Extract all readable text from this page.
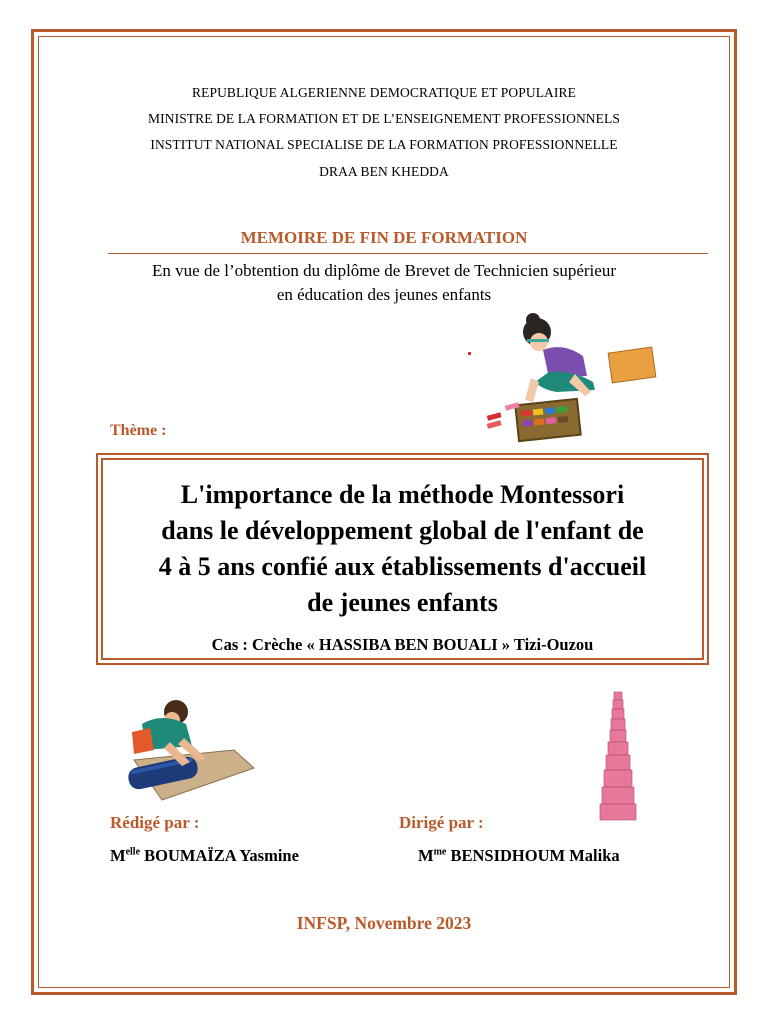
REPUBLIQUE ALGERIENNE DEMOCRATIQUE ET POPULAIRE
MINISTRE DE LA FORMATION ET DE L’ENSEIGNEMENT PROFESSIONNELS
INSTITUT NATIONAL SPECIALISE DE LA FORMATION PROFESSIONNELLE
DRAA BEN KHEDDA
MEMOIRE DE FIN DE FORMATION
En vue de l’obtention du diplôme de Brevet de Technicien supérieur
en éducation des jeunes enfants
Thème :
L'importance de la méthode Montessori
dans le développement global de l'enfant de
4 à 5 ans confié aux établissements d'accueil
de jeunes enfants
Cas : Crèche « HASSIBA BEN BOUALI » Tizi-Ouzou
Rédigé par :	Dirigé par :
$M^{elle}$ BOUMAÏZA Yasmine	$M^{me}$ BENSIDHOUM Malika
INFSP, Novembre 2023
